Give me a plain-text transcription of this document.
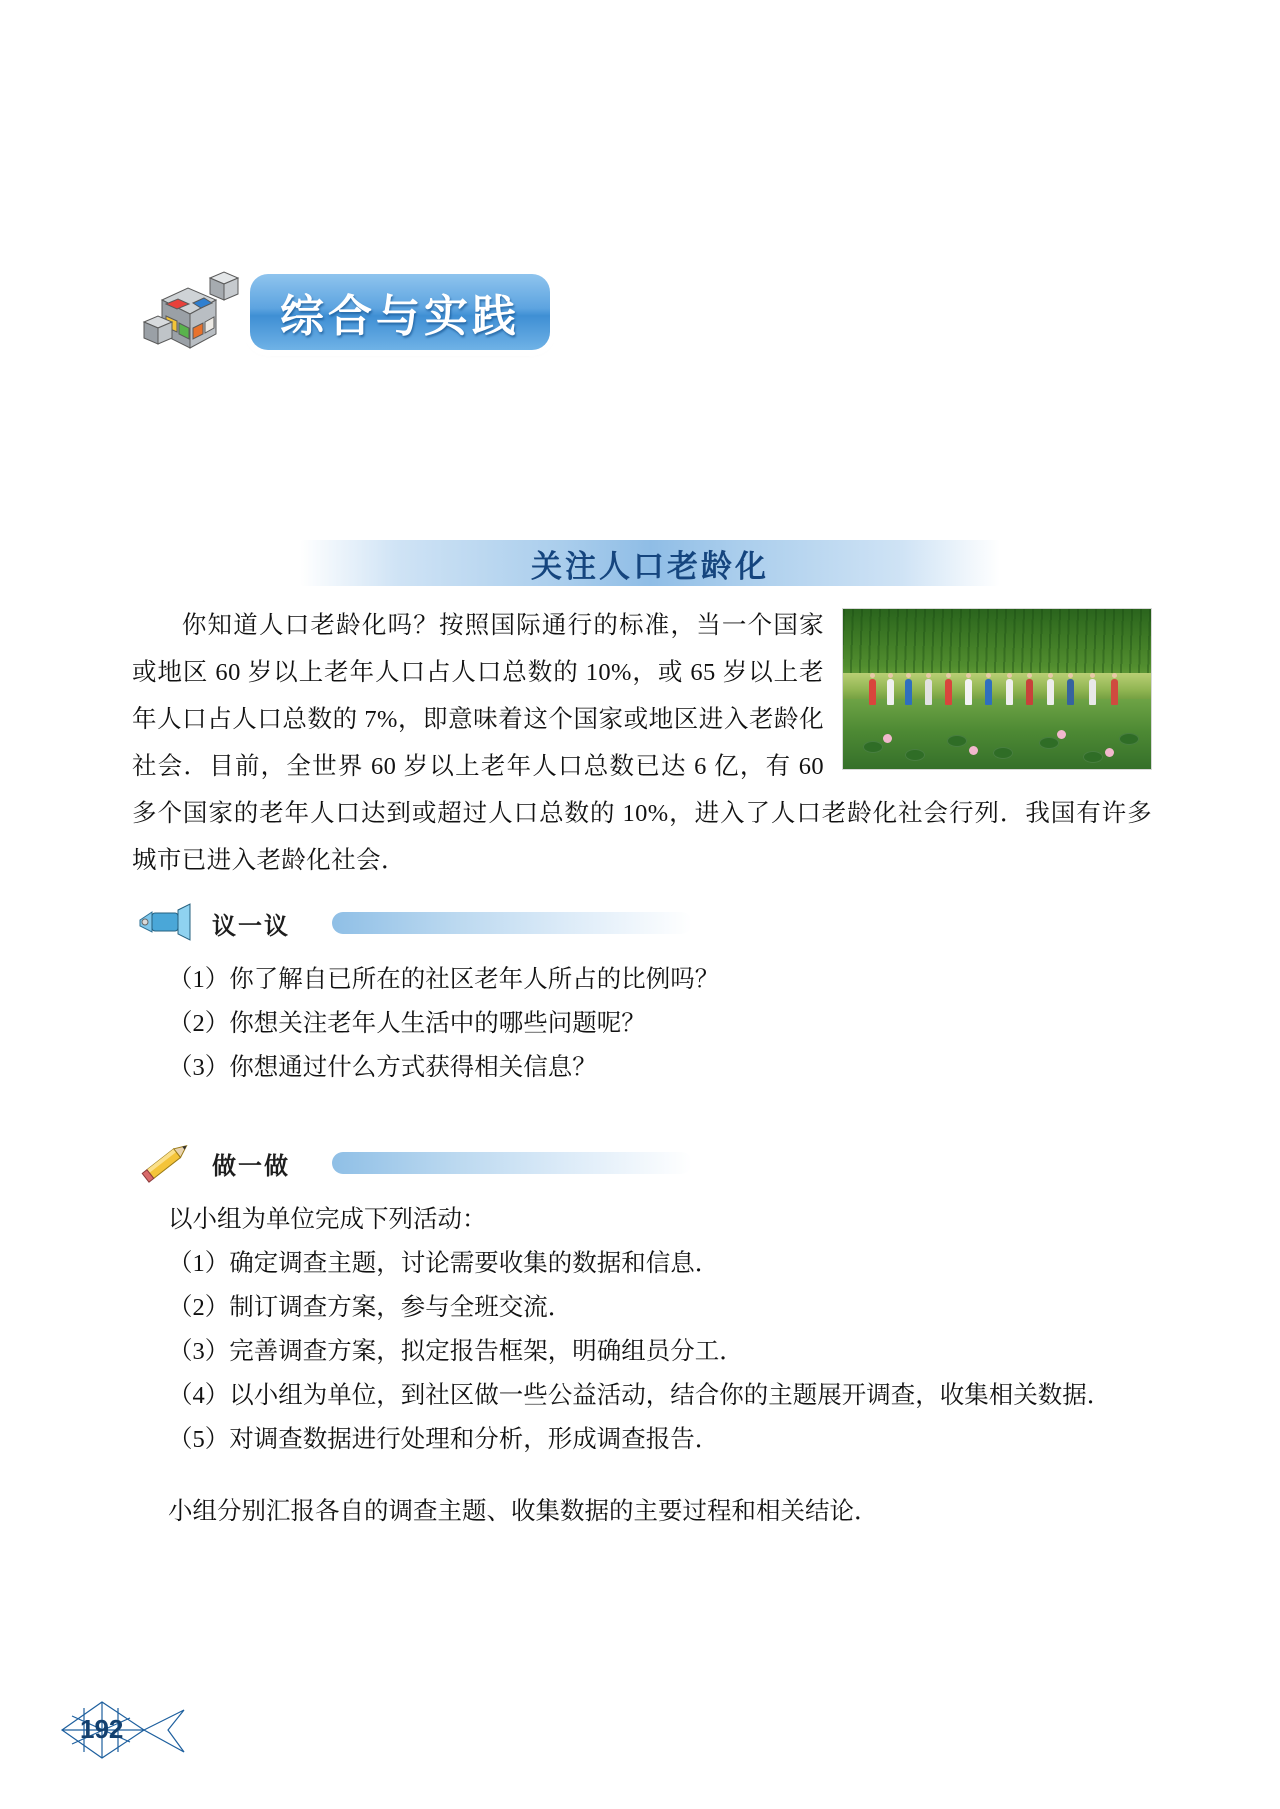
综合与实践
关注人口老龄化
你知道人口老龄化吗？按照国际通行的标准，当一个国家或地区 60 岁以上老年人口占人口总数的 10%，或 65 岁以上老年人口占人口总数的 7%，即意味着这个国家或地区进入老龄化社会．目前，全世界 60 岁以上老年人口总数已达 6 亿，有 60 多个国家的老年人口达到或超过人口总数的 10%，进入了人口老龄化社会行列．我国有许多城市已进入老龄化社会．
议一议
（1）你了解自已所在的社区老年人所占的比例吗？
（2）你想关注老年人生活中的哪些问题呢？
（3）你想通过什么方式获得相关信息？
做一做
以小组为单位完成下列活动：
（1）确定调查主题，讨论需要收集的数据和信息．
（2）制订调查方案，参与全班交流．
（3）完善调查方案，拟定报告框架，明确组员分工．
（4）以小组为单位，到社区做一些公益活动，结合你的主题展开调查，收集相关数据．
（5）对调查数据进行处理和分析，形成调查报告．
小组分别汇报各自的调查主题、收集数据的主要过程和相关结论．
192
